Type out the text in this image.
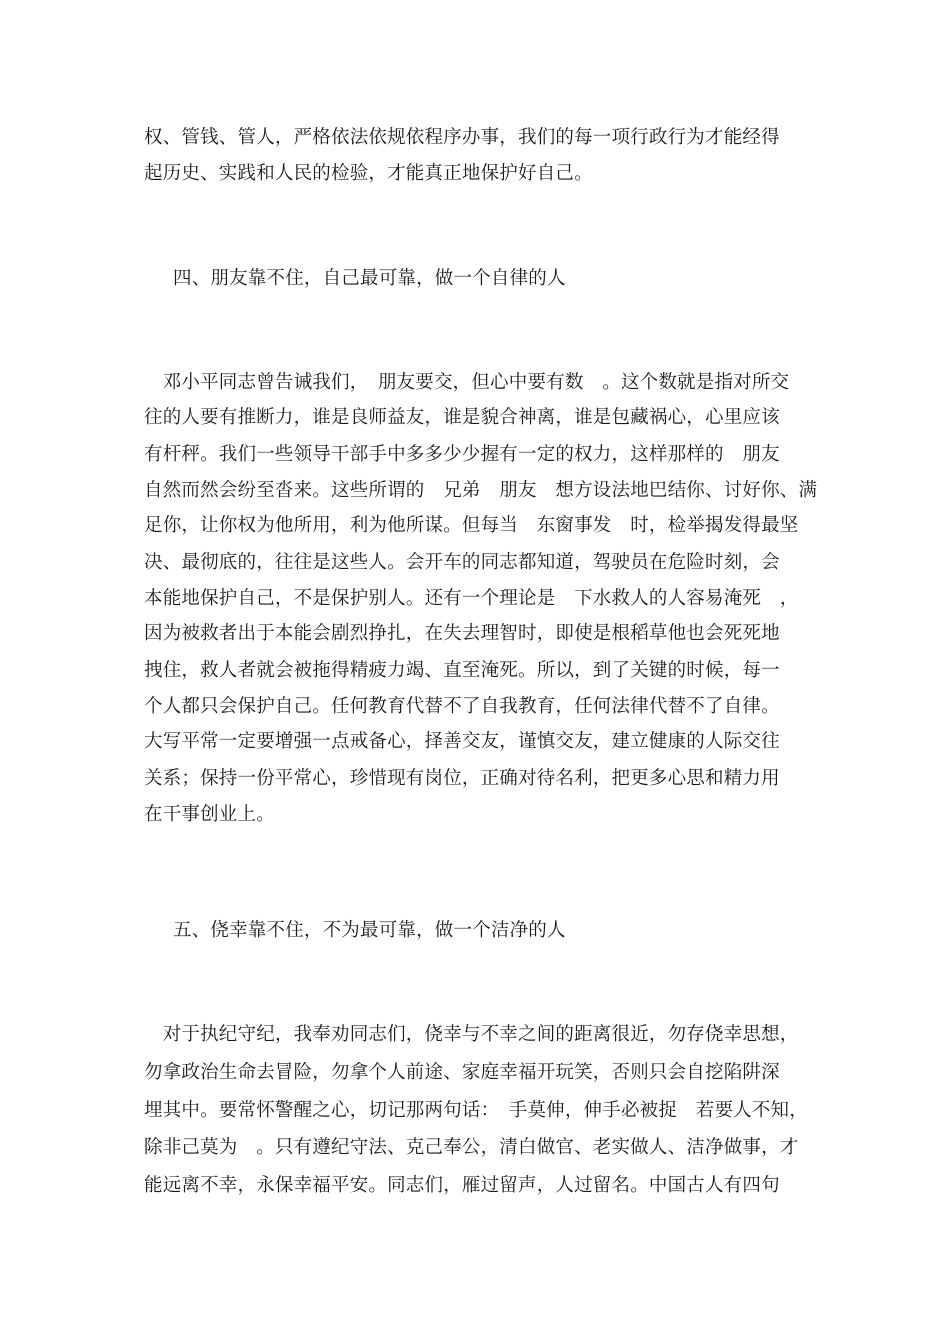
权、管钱、管人，严格依法依规依程序办事，我们的每一项行政行为才能经得
起历史、实践和人民的检验，才能真正地保护好自己。
四、朋友靠不住，自己最可靠，做一个自律的人
　邓小平同志曾告诫我们，　朋友要交，但心中要有数　。这个数就是指对所交
往的人要有推断力，谁是良师益友，谁是貌合神离，谁是包藏祸心，心里应该
有杆秤。我们一些领导干部手中多多少少握有一定的权力，这样那样的　朋友
自然而然会纷至沓来。这些所谓的　兄弟　朋友　想方设法地巴结你、讨好你、满
足你，让你权为他所用，利为他所谋。但每当　东窗事发　时，检举揭发得最坚
决、最彻底的，往往是这些人。会开车的同志都知道，驾驶员在危险时刻，会
本能地保护自己，不是保护别人。还有一个理论是　下水救人的人容易淹死　，
因为被救者出于本能会剧烈挣扎，在失去理智时，即使是根稻草他也会死死地
拽住，救人者就会被拖得精疲力竭、直至淹死。所以，到了关键的时候，每一
个人都只会保护自己。任何教育代替不了自我教育，任何法律代替不了自律。
大写平常一定要增强一点戒备心，择善交友，谨慎交友，建立健康的人际交往
关系；保持一份平常心，珍惜现有岗位，正确对待名利，把更多心思和精力用
在干事创业上。
五、侥幸靠不住，不为最可靠，做一个洁净的人
　对于执纪守纪，我奉劝同志们，侥幸与不幸之间的距离很近，勿存侥幸思想，
勿拿政治生命去冒险，勿拿个人前途、家庭幸福开玩笑，否则只会自挖陷阱深
埋其中。要常怀警醒之心，切记那两句话：　手莫伸，伸手必被捉　若要人不知，
除非己莫为　。只有遵纪守法、克己奉公，清白做官、老实做人、洁净做事，才
能远离不幸，永保幸福平安。同志们，雁过留声，人过留名。中国古人有四句
